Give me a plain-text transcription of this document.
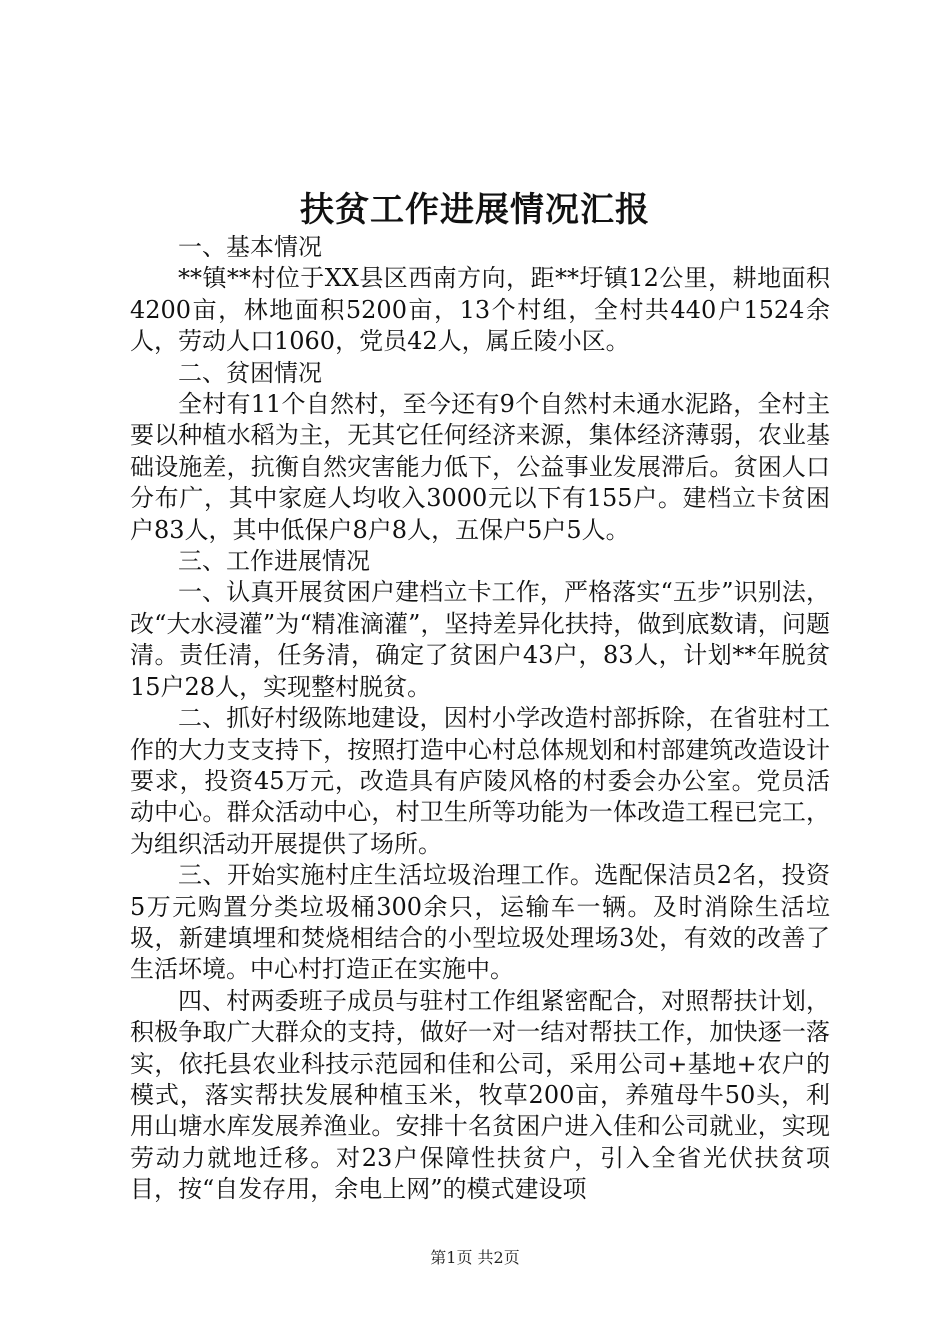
扶贫工作进展情况汇报

一、基本情况

**镇**村位于XX县区西南方向，距**圩镇12公里，耕地面积4200亩，林地面积5200亩，13个村组，全村共440户1524余人，劳动人口1060，党员42人，属丘陵小区。

二、贫困情况

全村有11个自然村，至今还有9个自然村未通水泥路，全村主要以种植水稻为主，无其它任何经济来源，集体经济薄弱，农业基础设施差，抗衡自然灾害能力低下，公益事业发展滞后。贫困人口分布广，其中家庭人均收入3000元以下有155户。建档立卡贫困户83人，其中低保户8户8人，五保户5户5人。

三、工作进展情况

一、认真开展贫困户建档立卡工作，严格落实“五步”识别法，改“大水浸灌”为“精准滴灌”，坚持差异化扶持，做到底数请，问题清。责任清，任务清，确定了贫困户43户，83人，计划**年脱贫15户28人，实现整村脱贫。

二、抓好村级陈地建设，因村小学改造村部拆除，在省驻村工作的大力支支持下，按照打造中心村总体规划和村部建筑改造设计要求，投资45万元，改造具有庐陵风格的村委会办公室。党员活动中心。群众活动中心，村卫生所等功能为一体改造工程已完工，为组织活动开展提供了场所。

三、开始实施村庄生活垃圾治理工作。选配保洁员2名，投资5万元购置分类垃圾桶300余只，运输车一辆。及时消除生活垃圾，新建填埋和焚烧相结合的小型垃圾处理场3处，有效的改善了生活坏境。中心村打造正在实施中。

四、村两委班子成员与驻村工作组紧密配合，对照帮扶计划，积极争取广大群众的支持，做好一对一结对帮扶工作，加快逐一落实，依托县农业科技示范园和佳和公司，采用公司+基地+农户的模式，落实帮扶发展种植玉米，牧草200亩，养殖母牛50头，利用山塘水库发展养渔业。安排十名贫困户进入佳和公司就业，实现劳动力就地迁移。对23户保障性扶贫户，引入全省光伏扶贫项目，按“自发存用，余电上网”的模式建设项

第1页 共2页
